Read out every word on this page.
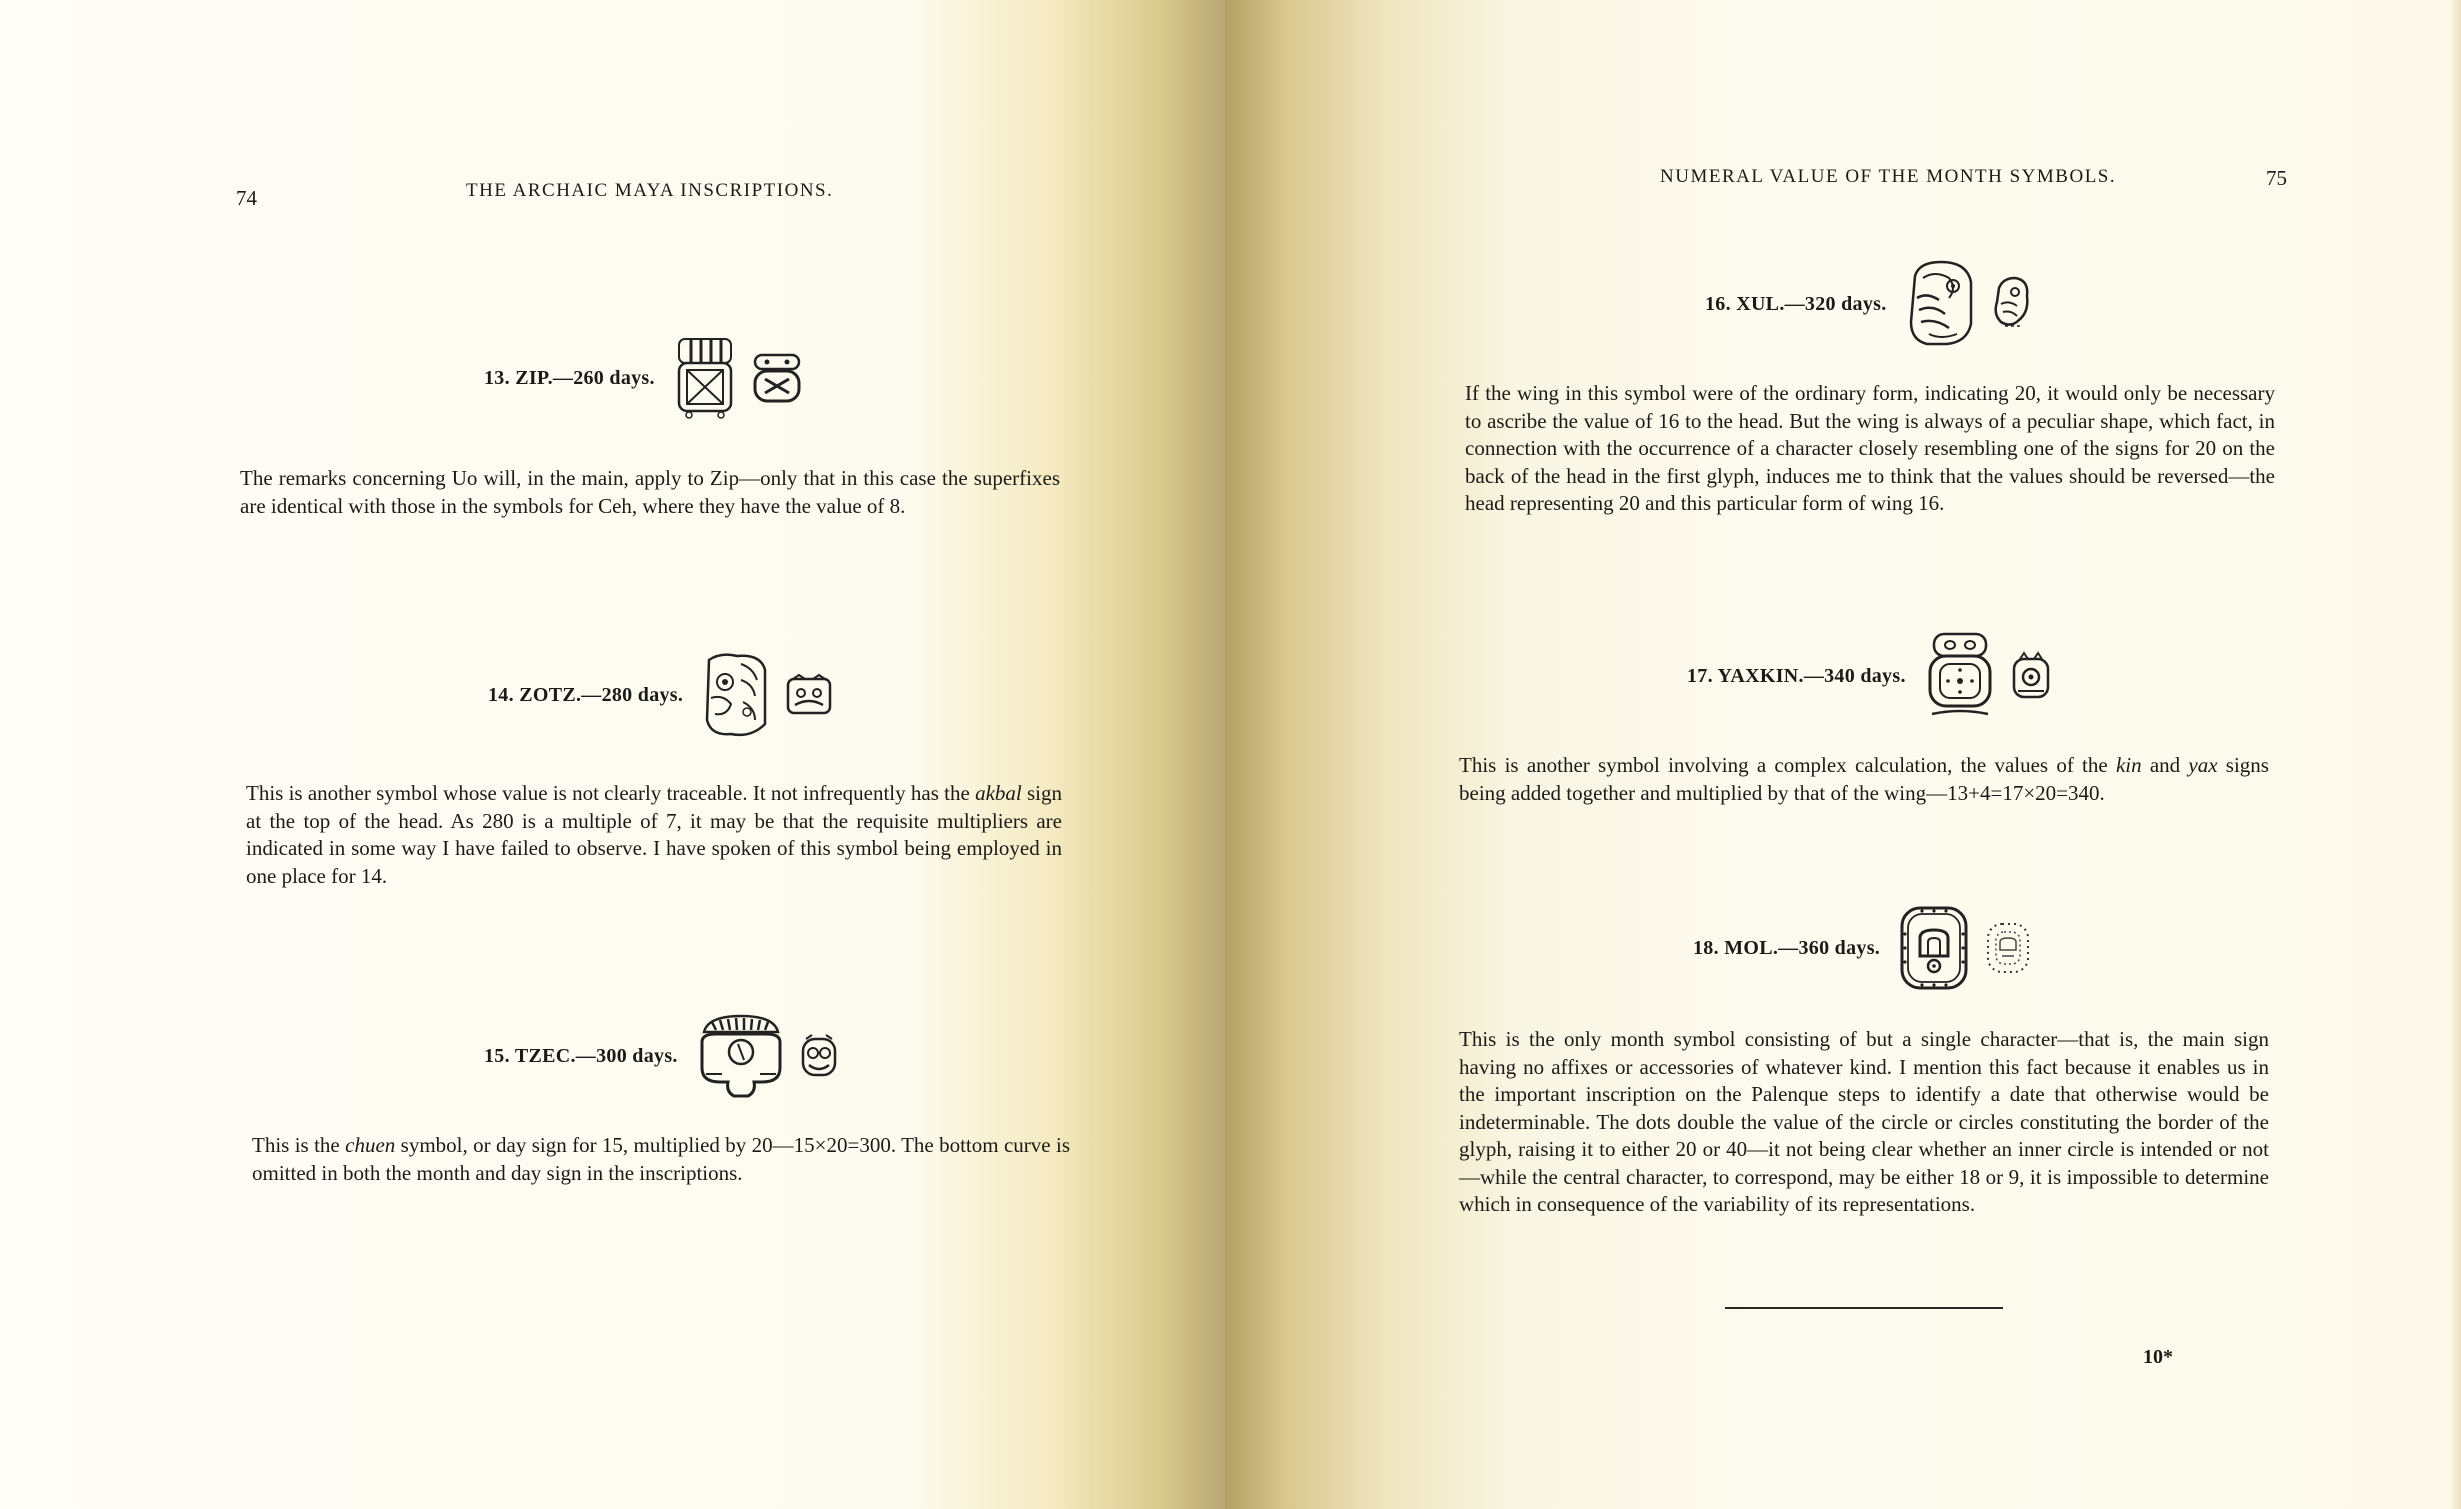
74	THE ARCHAIC MAYA INSCRIPTIONS.
13. ZIP.—260 days.

The remarks concerning Uo will, in the main, apply to Zip—only that in this case the superfixes are identical with those in the symbols for Ceh, where they have the value of 8.

14. ZOTZ.—280 days.

This is another symbol whose value is not clearly traceable. It not infrequently has the akbal sign at the top of the head. As 280 is a multiple of 7, it may be that the requisite multipliers are indicated in some way I have failed to observe. I have spoken of this symbol being employed in one place for 14.

15. TZEC.—300 days.

This is the chuen symbol, or day sign for 15, multiplied by 20—15×20=300. The bottom curve is omitted in both the month and day sign in the inscriptions.

NUMERAL VALUE OF THE MONTH SYMBOLS.	75
16. XUL.—320 days.

If the wing in this symbol were of the ordinary form, indicating 20, it would only be necessary to ascribe the value of 16 to the head. But the wing is always of a peculiar shape, which fact, in connection with the occurrence of a character closely resembling one of the signs for 20 on the back of the head in the first glyph, induces me to think that the values should be reversed—the head representing 20 and this particular form of wing 16.

17. YAXKIN.—340 days.

This is another symbol involving a complex calculation, the values of the kin and yax signs being added together and multiplied by that of the wing—13+4=17×20=340.

18. MOL.—360 days.

This is the only month symbol consisting of but a single character—that is, the main sign having no affixes or accessories of whatever kind. I mention this fact because it enables us in the important inscription on the Palenque steps to identify a date that otherwise would be indeterminable. The dots double the value of the circle or circles constituting the border of the glyph, raising it to either 20 or 40—it not being clear whether an inner circle is intended or not—while the central character, to correspond, may be either 18 or 9, it is impossible to determine which in consequence of the variability of its representations.

10*
